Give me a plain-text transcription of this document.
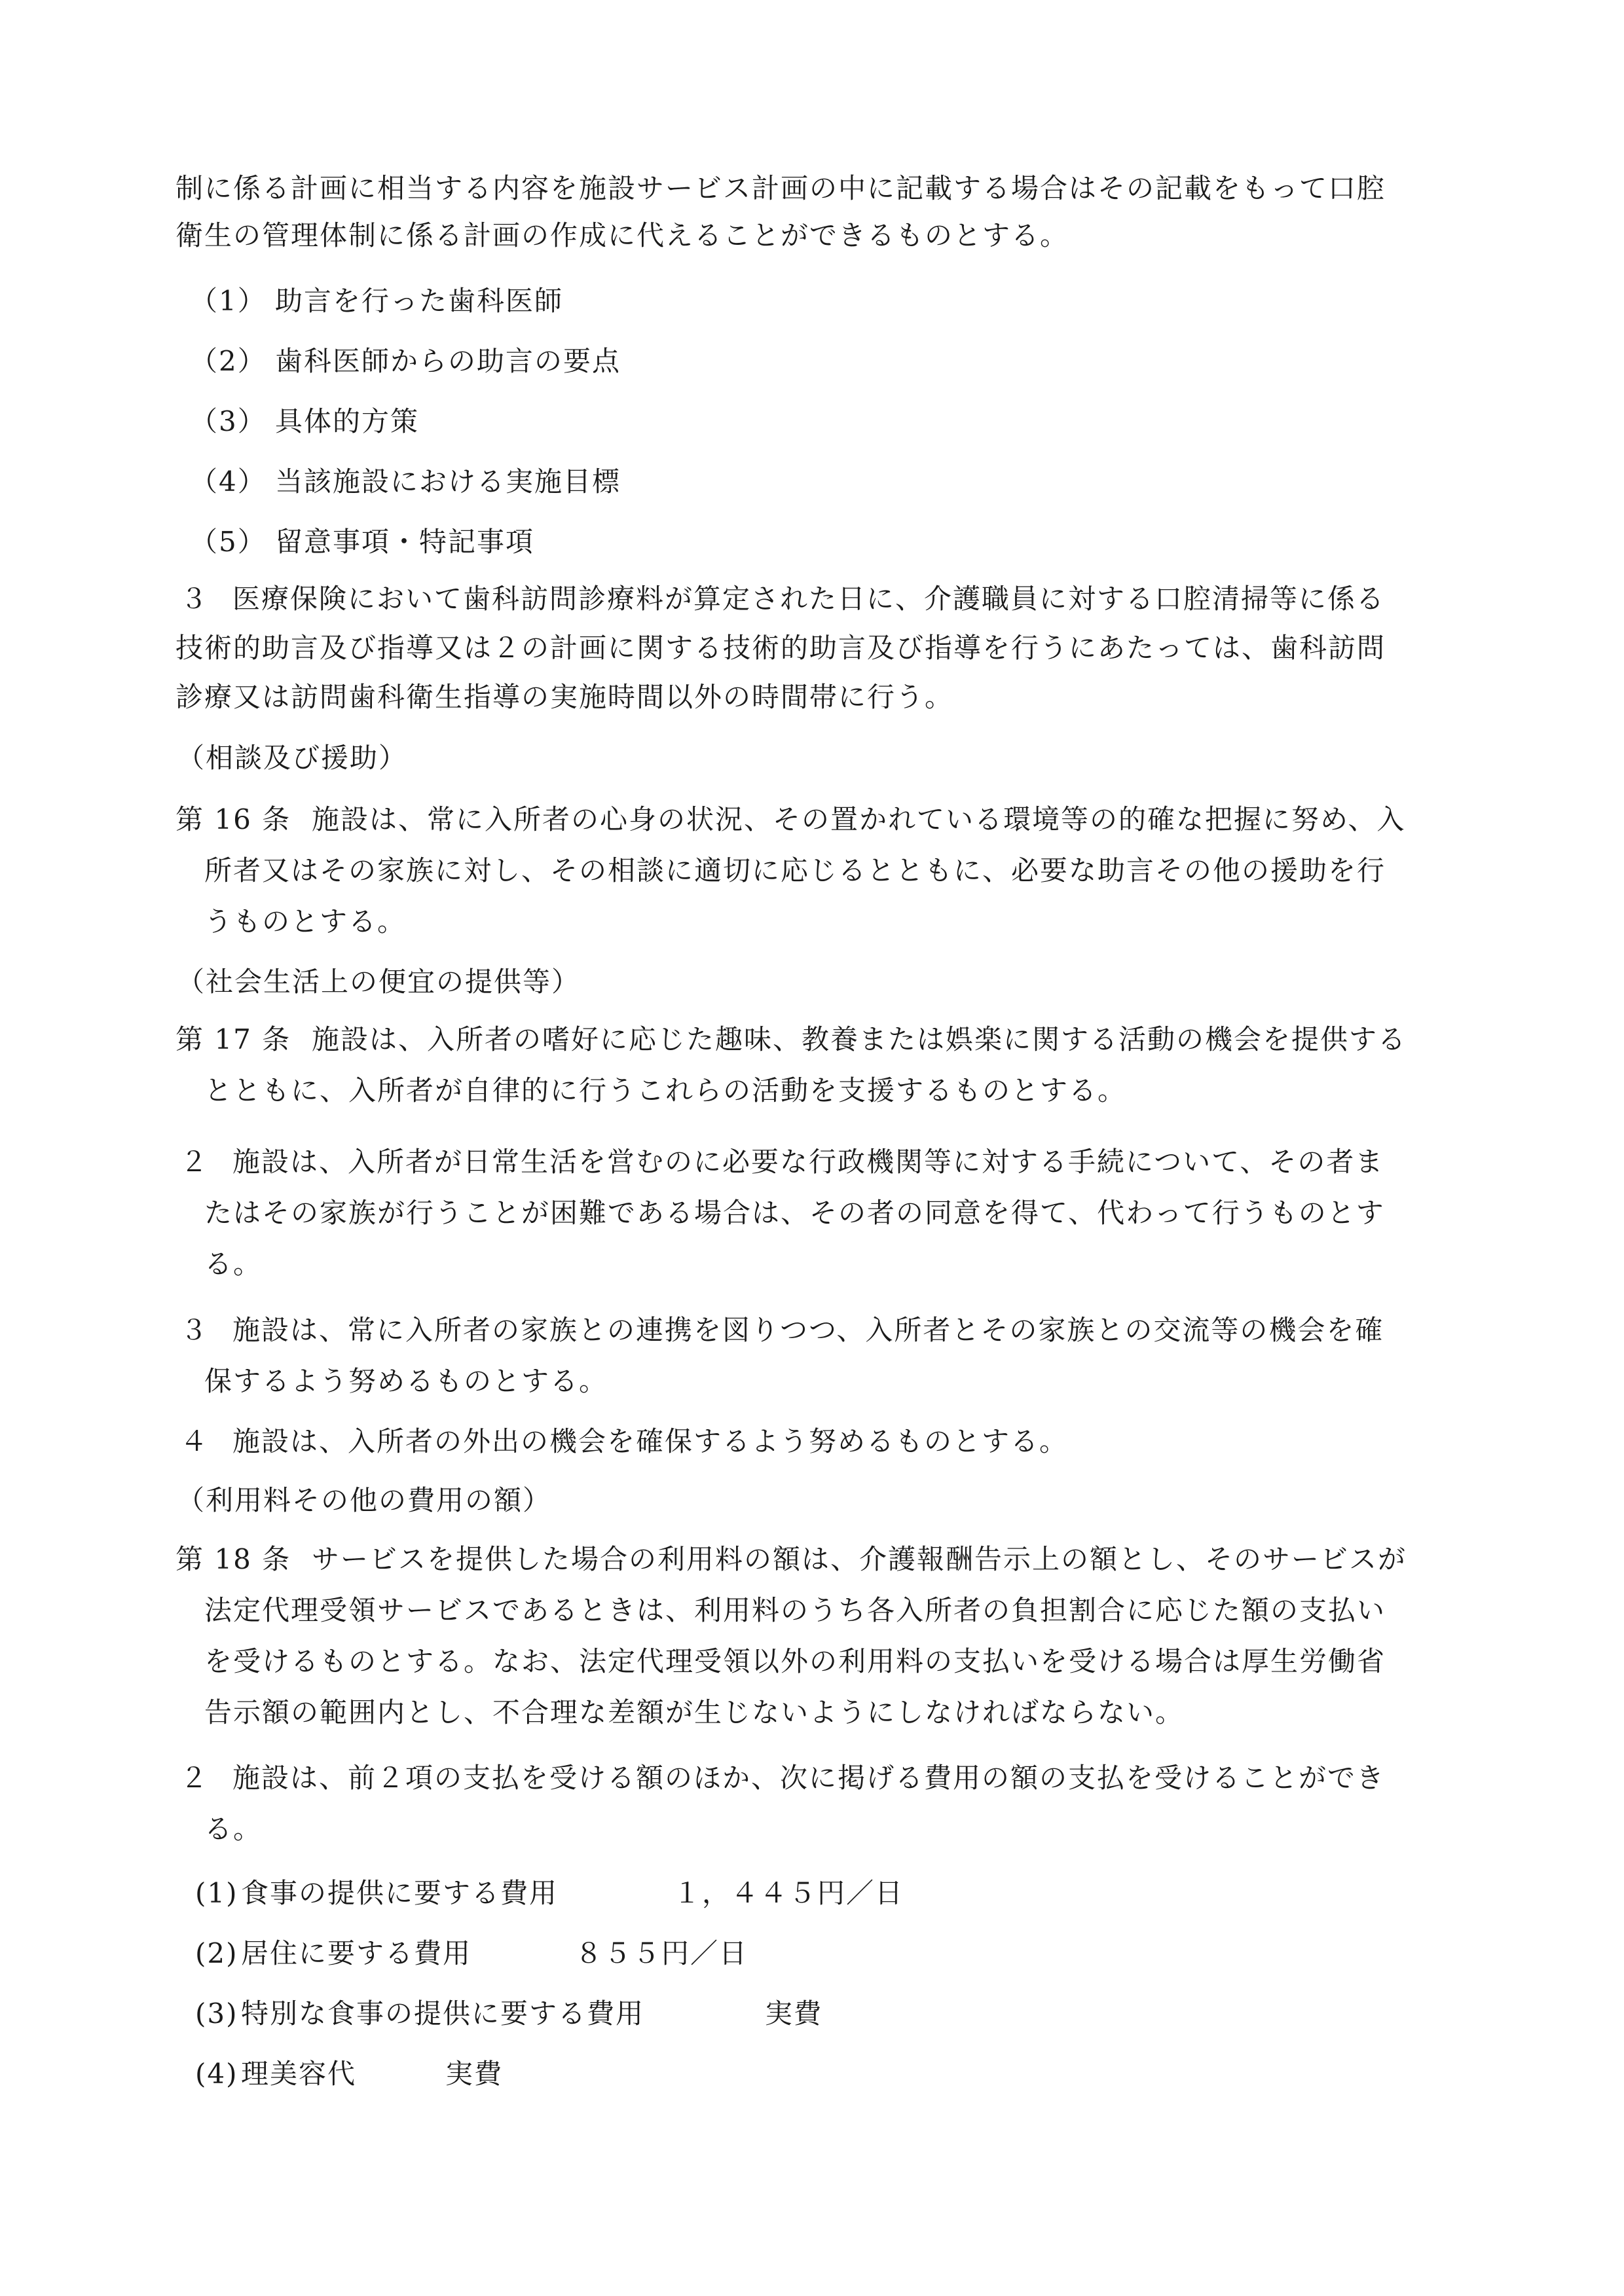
制に係る計画に相当する内容を施設サービス計画の中に記載する場合はその記載をもって口腔
衛生の管理体制に係る計画の作成に代えることができるものとする。
（1） 助言を行った歯科医師
（2） 歯科医師からの助言の要点
（3） 具体的方策
（4） 当該施設における実施目標
（5） 留意事項・特記事項
３ 医療保険において歯科訪問診療料が算定された日に、介護職員に対する口腔清掃等に係る
技術的助言及び指導又は２の計画に関する技術的助言及び指導を行うにあたっては、歯科訪問
診療又は訪問歯科衛生指導の実施時間以外の時間帯に行う。
（相談及び援助）
第 16 条 施設は、常に入所者の心身の状況、その置かれている環境等の的確な把握に努め、入
所者又はその家族に対し、その相談に適切に応じるとともに、必要な助言その他の援助を行
うものとする。
（社会生活上の便宜の提供等）
第 17 条 施設は、入所者の嗜好に応じた趣味、教養または娯楽に関する活動の機会を提供する
とともに、入所者が自律的に行うこれらの活動を支援するものとする。
２ 施設は、入所者が日常生活を営むのに必要な行政機関等に対する手続について、その者ま
たはその家族が行うことが困難である場合は、その者の同意を得て、代わって行うものとす
る。
３ 施設は、常に入所者の家族との連携を図りつつ、入所者とその家族との交流等の機会を確
保するよう努めるものとする。
４ 施設は、入所者の外出の機会を確保するよう努めるものとする。
（利用料その他の費用の額）
第 18 条 サービスを提供した場合の利用料の額は、介護報酬告示上の額とし、そのサービスが
法定代理受領サービスであるときは、利用料のうち各入所者の負担割合に応じた額の支払い
を受けるものとする。なお、法定代理受領以外の利用料の支払いを受ける場合は厚生労働省
告示額の範囲内とし、不合理な差額が生じないようにしなければならない。
２ 施設は、前２項の支払を受ける額のほか、次に掲げる費用の額の支払を受けることができ
る。
(1) 食事の提供に要する費用	１，４４５円／日
(2) 居住に要する費用	８５５円／日
(3) 特別な食事の提供に要する費用	実費
(4) 理美容代	実費
